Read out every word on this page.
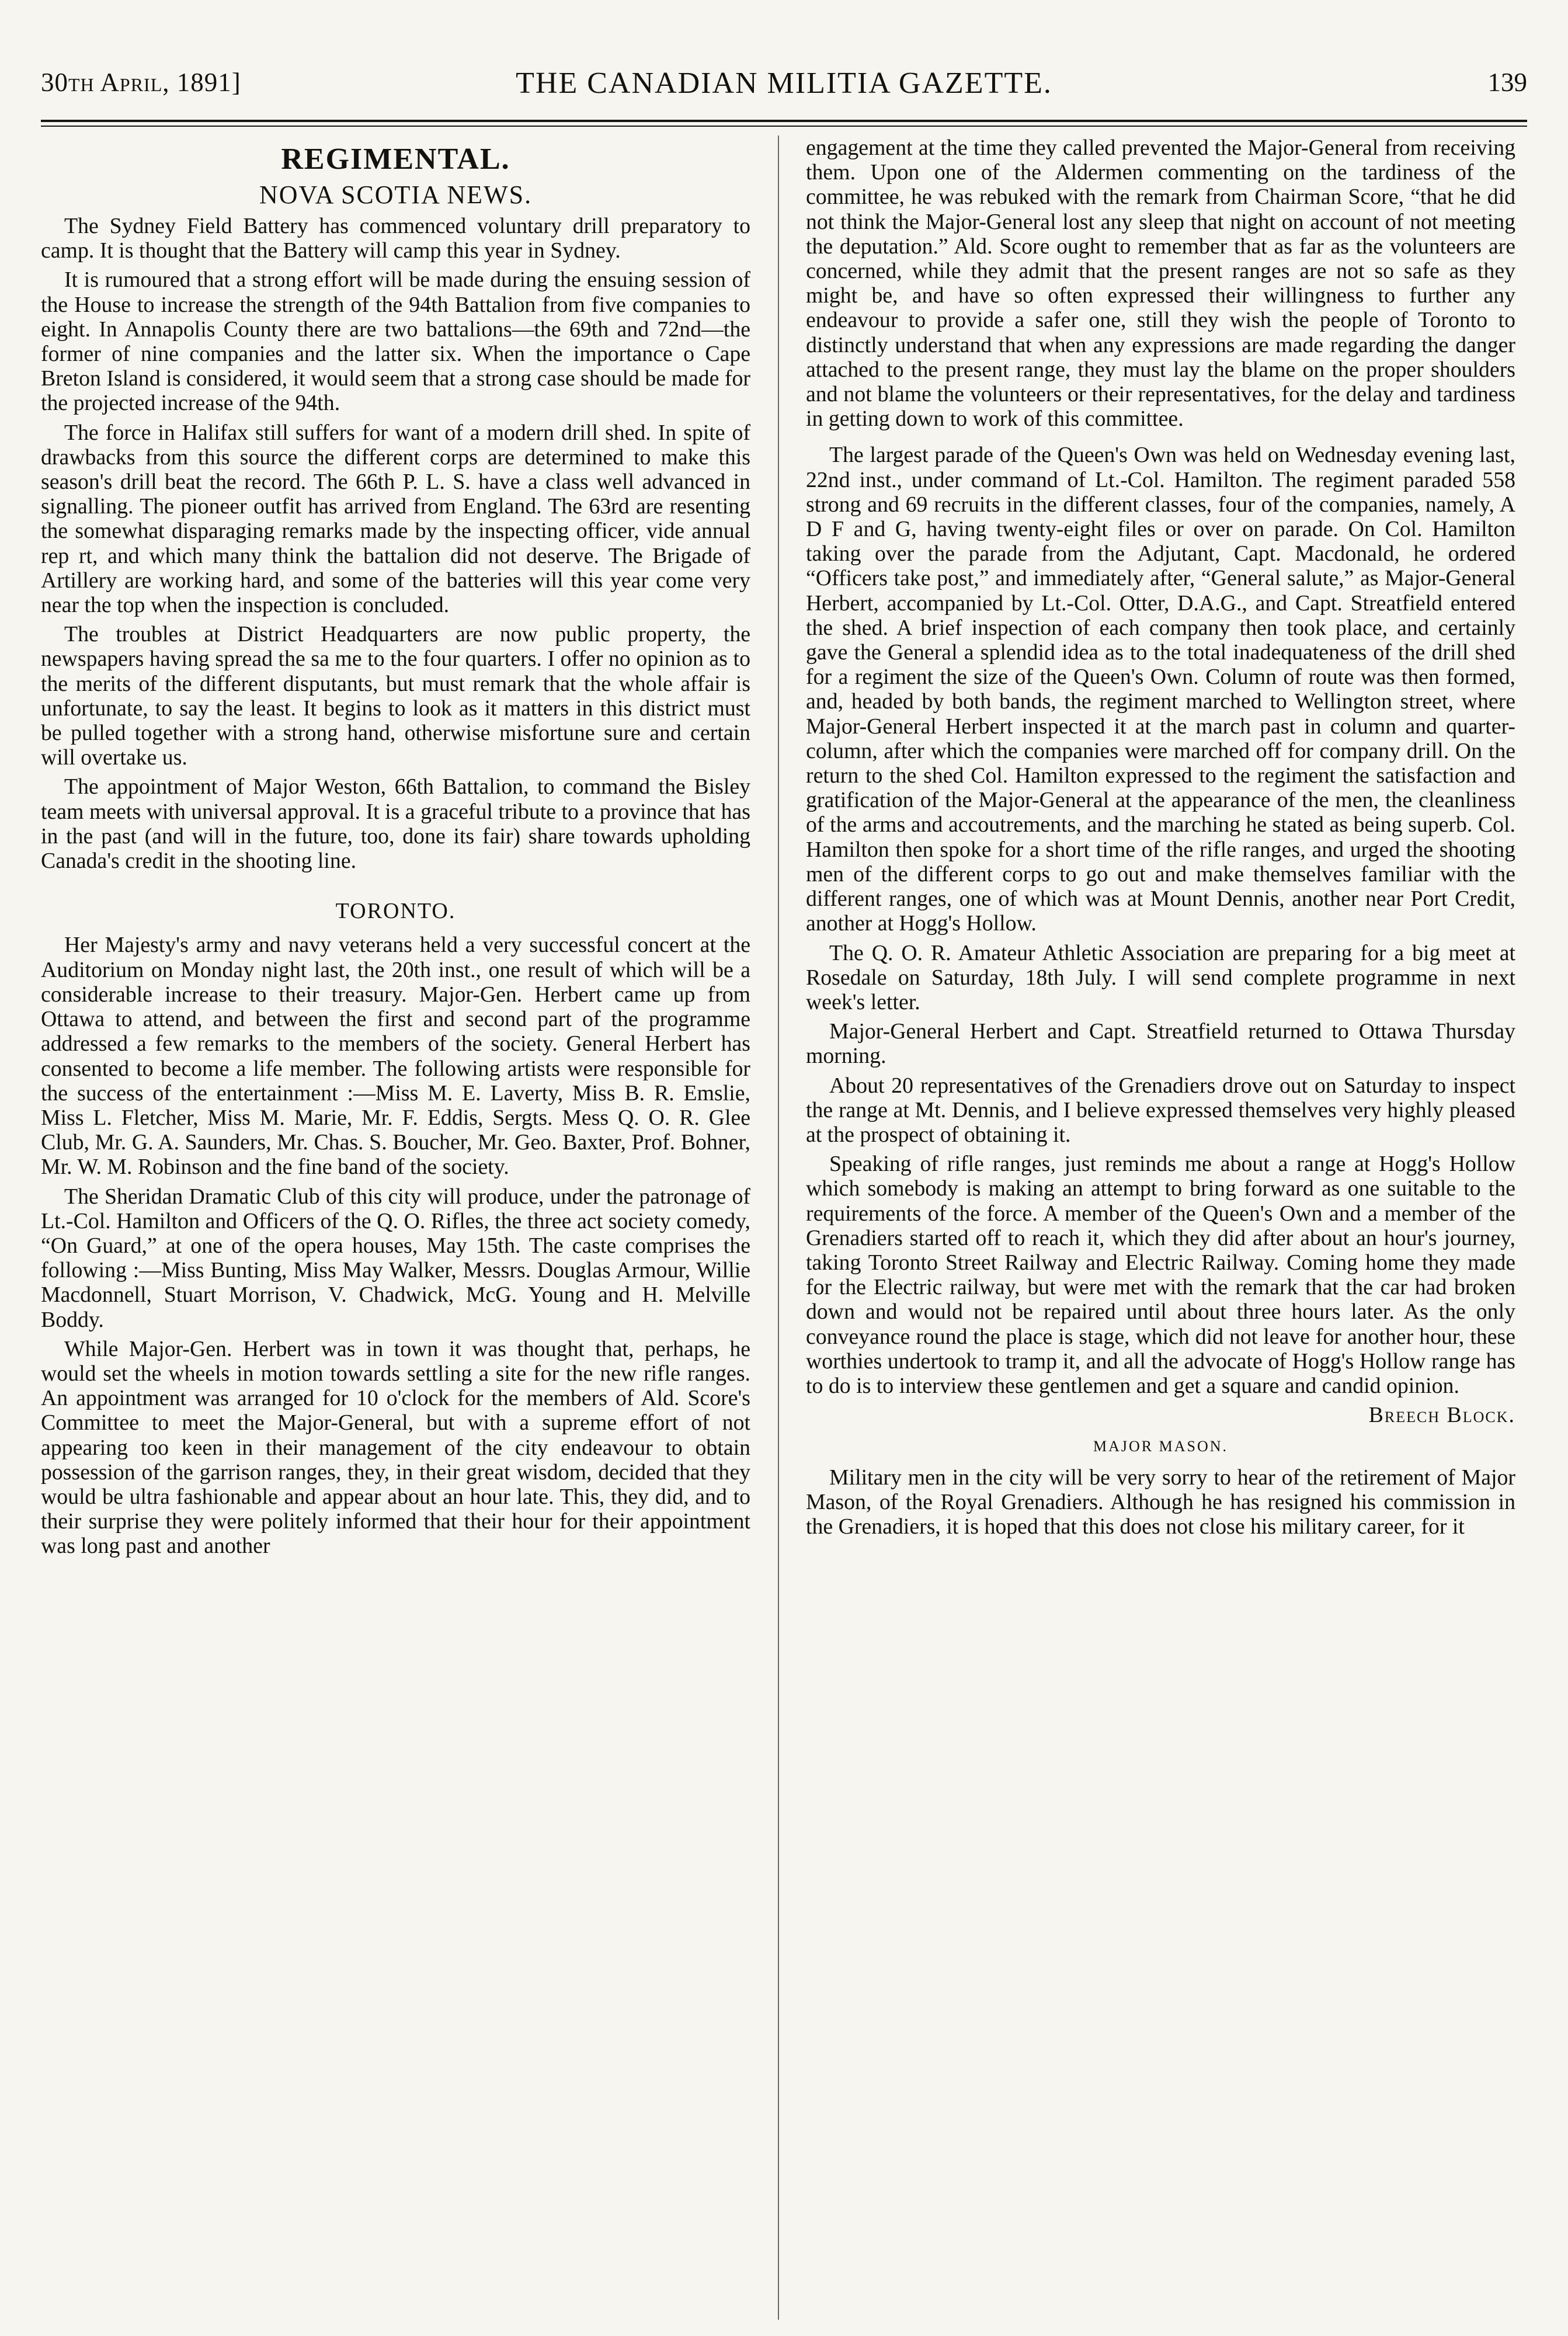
30th April, 1891]	THE CANADIAN MILITIA GAZETTE.	139
REGIMENTAL.
NOVA SCOTIA NEWS.

The Sydney Field Battery has commenced voluntary drill preparatory to camp. It is thought that the Battery will camp this year in Sydney.

It is rumoured that a strong effort will be made during the ensuing session of the House to increase the strength of the 94th Battalion from five companies to eight. In Annapolis County there are two battalions—the 69th and 72nd—the former of nine companies and the latter six. When the importance o Cape Breton Island is considered, it would seem that a strong case should be made for the projected increase of the 94th.

The force in Halifax still suffers for want of a modern drill shed. In spite of drawbacks from this source the different corps are determined to make this season's drill beat the record. The 66th P. L. S. have a class well advanced in signalling. The pioneer outfit has arrived from England. The 63rd are resenting the somewhat disparaging remarks made by the inspecting officer, vide annual rep rt, and which many think the battalion did not deserve. The Brigade of Artillery are working hard, and some of the batteries will this year come very near the top when the inspection is concluded.

The troubles at District Headquarters are now public property, the newspapers having spread the sa me to the four quarters. I offer no opinion as to the merits of the different disputants, but must remark that the whole affair is unfortunate, to say the least. It begins to look as it matters in this district must be pulled together with a strong hand, otherwise misfortune sure and certain will overtake us.

The appointment of Major Weston, 66th Battalion, to command the Bisley team meets with universal approval. It is a graceful tribute to a province that has in the past (and will in the future, too, done its fair) share towards upholding Canada's credit in the shooting line.

TORONTO.

Her Majesty's army and navy veterans held a very successful concert at the Auditorium on Monday night last, the 20th inst., one result of which will be a considerable increase to their treasury. Major-Gen. Herbert came up from Ottawa to attend, and between the first and second part of the programme addressed a few remarks to the members of the society. General Herbert has consented to become a life member. The following artists were responsible for the success of the entertainment :—Miss M. E. Laverty, Miss B. R. Emslie, Miss L. Fletcher, Miss M. Marie, Mr. F. Eddis, Sergts. Mess Q. O. R. Glee Club, Mr. G. A. Saunders, Mr. Chas. S. Boucher, Mr. Geo. Baxter, Prof. Bohner, Mr. W. M. Robinson and the fine band of the society.

The Sheridan Dramatic Club of this city will produce, under the patronage of Lt.-Col. Hamilton and Officers of the Q. O. Rifles, the three act society comedy, “On Guard,” at one of the opera houses, May 15th. The caste comprises the following :—Miss Bunting, Miss May Walker, Messrs. Douglas Armour, Willie Macdonnell, Stuart Morrison, V. Chadwick, McG. Young and H. Melville Boddy.

While Major-Gen. Herbert was in town it was thought that, perhaps, he would set the wheels in motion towards settling a site for the new rifle ranges. An appointment was arranged for 10 o'clock for the members of Ald. Score's Committee to meet the Major-General, but with a supreme effort of not appearing too keen in their management of the city endeavour to obtain possession of the garrison ranges, they, in their great wisdom, decided that they would be ultra fashionable and appear about an hour late. This, they did, and to their surprise they were politely informed that their hour for their appointment was long past and another

engagement at the time they called prevented the Major-General from receiving them. Upon one of the Aldermen commenting on the tardiness of the committee, he was rebuked with the remark from Chairman Score, “that he did not think the Major-General lost any sleep that night on account of not meeting the deputation.” Ald. Score ought to remember that as far as the volunteers are concerned, while they admit that the present ranges are not so safe as they might be, and have so often expressed their willingness to further any endeavour to provide a safer one, still they wish the people of Toronto to distinctly understand that when any expressions are made regarding the danger attached to the present range, they must lay the blame on the proper shoulders and not blame the volunteers or their representatives, for the delay and tardiness in getting down to work of this committee.

The largest parade of the Queen's Own was held on Wednesday evening last, 22nd inst., under command of Lt.-Col. Hamilton. The regiment paraded 558 strong and 69 recruits in the different classes, four of the companies, namely, A D F and G, having twenty-eight files or over on parade. On Col. Hamilton taking over the parade from the Adjutant, Capt. Macdonald, he ordered “Officers take post,” and immediately after, “General salute,” as Major-General Herbert, accompanied by Lt.-Col. Otter, D.A.G., and Capt. Streatfield entered the shed. A brief inspection of each company then took place, and certainly gave the General a splendid idea as to the total inadequateness of the drill shed for a regiment the size of the Queen's Own. Column of route was then formed, and, headed by both bands, the regiment marched to Wellington street, where Major-General Herbert inspected it at the march past in column and quarter-column, after which the companies were marched off for company drill. On the return to the shed Col. Hamilton expressed to the regiment the satisfaction and gratification of the Major-General at the appearance of the men, the cleanliness of the arms and accoutrements, and the marching he stated as being superb. Col. Hamilton then spoke for a short time of the rifle ranges, and urged the shooting men of the different corps to go out and make themselves familiar with the different ranges, one of which was at Mount Dennis, another near Port Credit, another at Hogg's Hollow.

The Q. O. R. Amateur Athletic Association are preparing for a big meet at Rosedale on Saturday, 18th July. I will send complete programme in next week's letter.

Major-General Herbert and Capt. Streatfield returned to Ottawa Thursday morning.

About 20 representatives of the Grenadiers drove out on Saturday to inspect the range at Mt. Dennis, and I believe expressed themselves very highly pleased at the prospect of obtaining it.

Speaking of rifle ranges, just reminds me about a range at Hogg's Hollow which somebody is making an attempt to bring forward as one suitable to the requirements of the force. A member of the Queen's Own and a member of the Grenadiers started off to reach it, which they did after about an hour's journey, taking Toronto Street Railway and Electric Railway. Coming home they made for the Electric railway, but were met with the remark that the car had broken down and would not be repaired until about three hours later. As the only conveyance round the place is stage, which did not leave for another hour, these worthies undertook to tramp it, and all the advocate of Hogg's Hollow range has to do is to interview these gentlemen and get a square and candid opinion.

Breech Block.
MAJOR MASON.

Military men in the city will be very sorry to hear of the retirement of Major Mason, of the Royal Grenadiers. Although he has resigned his commission in the Grenadiers, it is hoped that this does not close his military career, for it
